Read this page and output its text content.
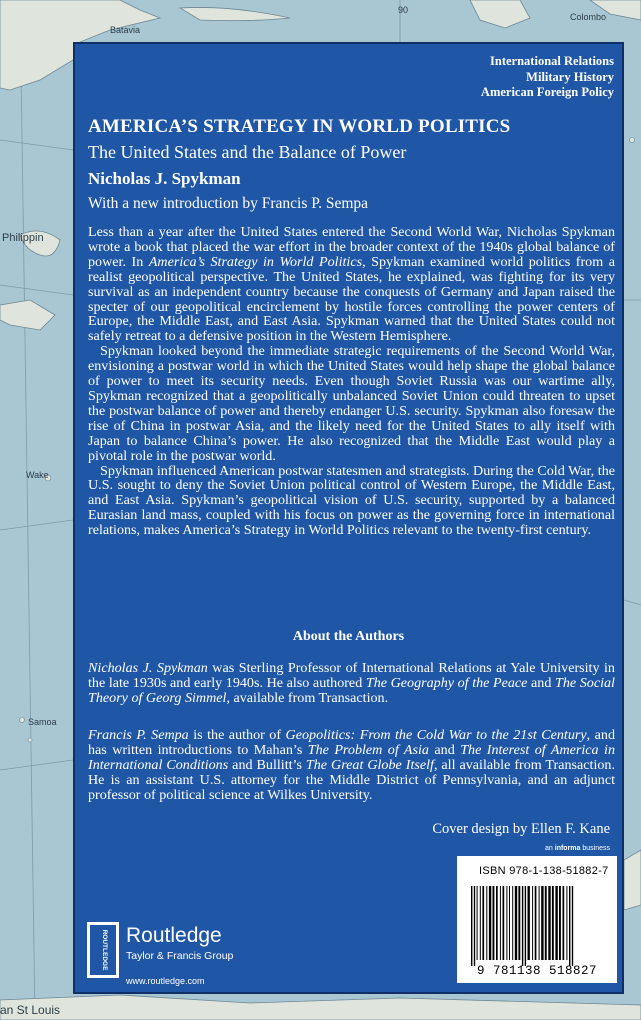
90
Colombo
Batavia
Philippin
Wake
Samoa
an St Louis
International Relations
Military History
American Foreign Policy
AMERICA’S STRATEGY IN WORLD POLITICS
The United States and the Balance of Power
Nicholas J. Spykman
With a new introduction by Francis P. Sempa

Less than a year after the United States entered the Second World War, Nicholas Spykman wrote a book that placed the war effort in the broader context of the 1940s global balance of power. In America’s Strategy in World Politics, Spykman examined world politics from a realist geopolitical perspective. The United States, he explained, was fighting for its very survival as an independent country because the conquests of Germany and Japan raised the specter of our geopolitical encirclement by hostile forces controlling the power centers of Europe, the Middle East, and East Asia. Spykman warned that the United States could not safely retreat to a defensive position in the Western Hemisphere.

Spykman looked beyond the immediate strategic requirements of the Second World War, envisioning a postwar world in which the United States would help shape the global balance of power to meet its security needs. Even though Soviet Russia was our wartime ally, Spykman recognized that a geopolitically unbalanced Soviet Union could threaten to upset the postwar balance of power and thereby endanger U.S. security. Spykman also foresaw the rise of China in postwar Asia, and the likely need for the United States to ally itself with Japan to balance China’s power. He also recognized that the Middle East would play a pivotal role in the postwar world.

Spykman influenced American postwar statesmen and strategists. During the Cold War, the U.S. sought to deny the Soviet Union political control of Western Europe, the Middle East, and East Asia. Spykman’s geopolitical vision of U.S. security, supported by a balanced Eurasian land mass, coupled with his focus on power as the governing force in international relations, makes America’s Strategy in World Politics relevant to the twenty-first century.

About the Authors

Nicholas J. Spykman was Sterling Professor of International Relations at Yale University in the late 1930s and early 1940s. He also authored The Geography of the Peace and The Social Theory of Georg Simmel, available from Transaction.

Francis P. Sempa is the author of Geopolitics: From the Cold War to the 21st Century, and has written introductions to Mahan’s The Problem of Asia and The Interest of America in International Conditions and Bullitt’s The Great Globe Itself, all available from Transaction. He is an assistant U.S. attorney for the Middle District of Pennsylvania, and an adjunct professor of political science at Wilkes University.

Cover design by Ellen F. Kane
an informa business
ISBN 978-1-138-51882-7
9 781138 518827
ROUTLEDGE Routledge
Taylor & Francis Group
www.routledge.com
